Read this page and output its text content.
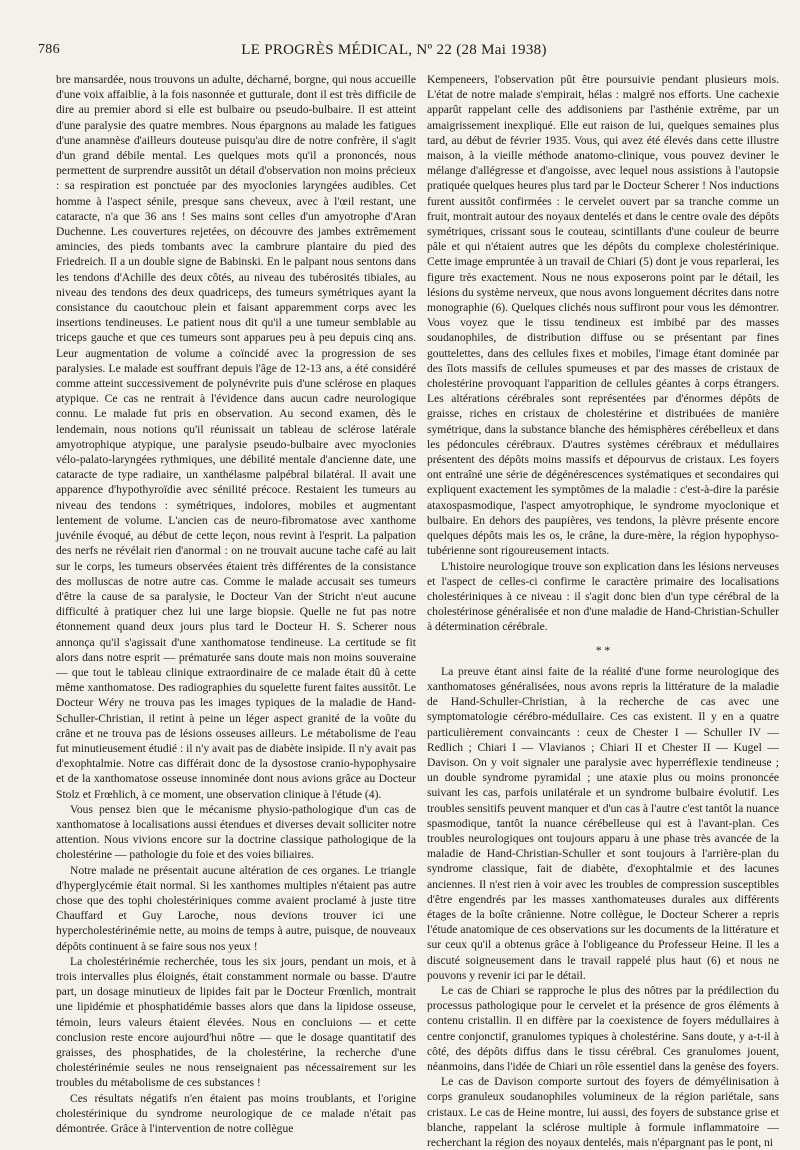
786	LE PROGRÈS MÉDICAL, Nº 22 (28 Mai 1938)

bre mansardée, nous trouvons un adulte, décharné, borgne, qui nous accueille d'une voix affaiblie, à la fois nasonnée et gutturale, dont il est très difficile de dire au premier abord si elle est bulbaire ou pseudo-bulbaire. Il est atteint d'une paralysie des quatre membres. Nous épargnons au malade les fatigues d'une anamnèse d'ailleurs douteuse puisqu'au dire de notre confrère, il s'agit d'un grand débile mental. Les quelques mots qu'il a prononcés, nous permettent de surprendre aussitôt un détail d'observation non moins précieux : sa respiration est ponctuée par des myoclonies laryngées audibles. Cet homme à l'aspect sénile, presque sans cheveux, avec à l'œil restant, une cataracte, n'a que 36 ans ! Ses mains sont celles d'un amyotrophe d'Aran Duchenne. Les couvertures rejetées, on découvre des jambes extrêmement amincies, des pieds tombants avec la cambrure plantaire du pied des Friedreich. Il a un double signe de Babinski. En le palpant nous sentons dans les tendons d'Achille des deux côtés, au niveau des tubérosités tibiales, au niveau des tendons des deux quadriceps, des tumeurs symétriques ayant la consistance du caoutchouc plein et faisant apparemment corps avec les insertions tendineuses. Le patient nous dit qu'il a une tumeur semblable au triceps gauche et que ces tumeurs sont apparues peu à peu depuis cinq ans. Leur augmentation de volume a coïncidé avec la progression de ses paralysies. Le malade est souffrant depuis l'âge de 12-13 ans, a été considéré comme atteint successivement de polynévrite puis d'une sclérose en plaques atypique. Ce cas ne rentrait à l'évidence dans aucun cadre neurologique connu. Le malade fut pris en observation. Au second examen, dès le lendemain, nous notions qu'il réunissait un tableau de sclérose latérale amyotrophique atypique, une paralysie pseudo-bulbaire avec myoclonies vélo-palato-laryngées rythmiques, une débilité mentale d'ancienne date, une cataracte de type radiaire, un xanthélasme palpébral bilatéral. Il avait une apparence d'hypothyroïdie avec sénilité précoce. Restaient les tumeurs au niveau des tendons : symétriques, indolores, mobiles et augmentant lentement de volume. L'ancien cas de neuro-fibromatose avec xanthome juvénile évoqué, au début de cette leçon, nous revint à l'esprit. La palpation des nerfs ne révélait rien d'anormal : on ne trouvait aucune tache café au lait sur le corps, les tumeurs observées étaient très différentes de la consistance des molluscas de notre autre cas. Comme le malade accusait ses tumeurs d'être la cause de sa paralysie, le Docteur Van der Stricht n'eut aucune difficulté à pratiquer chez lui une large biopsie. Quelle ne fut pas notre étonnement quand deux jours plus tard le Docteur H. S. Scherer nous annonça qu'il s'agissait d'une xanthomatose tendineuse. La certitude se fit alors dans notre esprit — prématurée sans doute mais non moins souveraine — que tout le tableau clinique extraordinaire de ce malade était dû à cette même xanthomatose. Des radiographies du squelette furent faites aussitôt. Le Docteur Wéry ne trouva pas les images typiques de la maladie de Hand-Schuller-Christian, il retint à peine un léger aspect granité de la voûte du crâne et ne trouva pas de lésions osseuses ailleurs. Le métabolisme de l'eau fut minutieusement étudié : il n'y avait pas de diabète insipide. Il n'y avait pas d'exophtalmie. Notre cas différait donc de la dysostose cranio-hypophysaire et de la xanthomatose osseuse innominée dont nous avions grâce au Docteur Stolz et Frœhlich, à ce moment, une observation clinique à l'étude (4).

Vous pensez bien que le mécanisme physio-pathologique d'un cas de xanthomatose à localisations aussi étendues et diverses devait solliciter notre attention. Nous vivions encore sur la doctrine classique pathologique de la cholestérine — pathologie du foie et des voies biliaires.

Notre malade ne présentait aucune altération de ces organes. Le triangle d'hyperglycémie était normal. Si les xanthomes multiples n'étaient pas autre chose que des tophi cholestériniques comme avaient proclamé à juste titre Chauffard et Guy Laroche, nous devions trouver ici une hypercholestérinémie nette, au moins de temps à autre, puisque, de nouveaux dépôts continuent à se faire sous nos yeux !

La cholestérinémie recherchée, tous les six jours, pendant un mois, et à trois intervalles plus éloignés, était constamment normale ou basse. D'autre part, un dosage minutieux de lipides fait par le Docteur Frœnlich, montrait une lipidémie et phosphatidémie basses alors que dans la lipidose osseuse, témoin, leurs valeurs étaient élevées. Nous en concluions — et cette conclusion reste encore aujourd'hui nôtre — que le dosage quantitatif des graisses, des phosphatides, de la cholestérine, la recherche d'une cholestérinémie seules ne nous renseignaient pas nécessairement sur les troubles du métabolisme de ces substances !

Ces résultats négatifs n'en étaient pas moins troublants, et l'origine cholestérinique du syndrome neurologique de ce malade n'était pas démontrée. Grâce à l'intervention de notre collègue

Kempeneers, l'observation pût être poursuivie pendant plusieurs mois. L'état de notre malade s'empirait, hélas : malgré nos efforts. Une cachexie apparût rappelant celle des addisoniens par l'asthénie extrême, par un amaigrissement inexpliqué. Elle eut raison de lui, quelques semaines plus tard, au début de février 1935. Vous, qui avez été élevés dans cette illustre maison, à la vieille méthode anatomo-clinique, vous pouvez deviner le mélange d'allégresse et d'angoisse, avec lequel nous assistions à l'autopsie pratiquée quelques heures plus tard par le Docteur Scherer ! Nos inductions furent aussitôt confirmées : le cervelet ouvert par sa tranche comme un fruit, montrait autour des noyaux dentelés et dans le centre ovale des dépôts symétriques, crissant sous le couteau, scintillants d'une couleur de beurre pâle et qui n'étaient autres que les dépôts du complexe cholestérinique. Cette image empruntée à un travail de Chiari (5) dont je vous reparlerai, les figure très exactement. Nous ne nous exposerons point par le détail, les lésions du système nerveux, que nous avons longuement décrites dans notre monographie (6). Quelques clichés nous suffiront pour vous les démontrer. Vous voyez que le tissu tendineux est imbibé par des masses soudanophiles, de distribution diffuse ou se présentant par fines gouttelettes, dans des cellules fixes et mobiles, l'image étant dominée par des îlots massifs de cellules spumeuses et par des masses de cristaux de cholestérine provoquant l'apparition de cellules géantes à corps étrangers. Les altérations cérébrales sont représentées par d'énormes dépôts de graisse, riches en cristaux de cholestérine et distribuées de manière symétrique, dans la substance blanche des hémisphères cérébelleux et dans les pédoncules cérébraux. D'autres systèmes cérébraux et médullaires présentent des dépôts moins massifs et dépourvus de cristaux. Les foyers ont entraîné une série de dégénérescences systématiques et secondaires qui expliquent exactement les symptômes de la maladie : c'est-à-dire la parésie ataxospasmodique, l'aspect amyotrophique, le syndrome myoclonique et bulbaire. En dehors des paupières, ves tendons, la plèvre présente encore quelques dépôts mais les os, le crâne, la dure-mère, la région hypophyso-tubérienne sont rigoureusement intacts.

L'histoire neurologique trouve son explication dans les lésions nerveuses et l'aspect de celles-ci confirme le caractère primaire des localisations cholestériniques à ce niveau : il s'agit donc bien d'un type cérébral de la cholestérinose généralisée et non d'une maladie de Hand-Christian-Schuller à détermination cérébrale.

* *

La preuve étant ainsi faite de la réalité d'une forme neurologique des xanthomatoses généralisées, nous avons repris la littérature de la maladie de Hand-Schuller-Christian, à la recherche de cas avec une symptomatologie cérébro-médullaire. Ces cas existent. Il y en a quatre particulièrement convaincants : ceux de Chester I — Schuller IV — Redlich ; Chiari I — Vlavianos ; Chiari II et Chester II — Kugel — Davison. On y voit signaler une paralysie avec hyperréflexie tendineuse ; un double syndrome pyramidal ; une ataxie plus ou moins prononcée suivant les cas, parfois unilatérale et un syndrome bulbaire évolutif. Les troubles sensitifs peuvent manquer et d'un cas à l'autre c'est tantôt la nuance spasmodique, tantôt la nuance cérébelleuse qui est à l'avant-plan. Ces troubles neurologiques ont toujours apparu à une phase très avancée de la maladie de Hand-Christian-Schuller et sont toujours à l'arrière-plan du syndrome classique, fait de diabète, d'exophtalmie et des lacunes anciennes. Il n'est rien à voir avec les troubles de compression susceptibles d'être engendrés par les masses xanthomateuses durales aux différents étages de la boîte crânienne. Notre collègue, le Docteur Scherer a repris l'étude anatomique de ces observations sur les documents de la littérature et sur ceux qu'il a obtenus grâce à l'obligeance du Professeur Heine. Il les a discuté soigneusement dans le travail rappelé plus haut (6) et nous ne pouvons y revenir ici par le détail.

Le cas de Chiari se rapproche le plus des nôtres par la prédilection du processus pathologique pour le cervelet et la présence de gros éléments à contenu cristallin. Il en diffère par la coexistence de foyers médullaires à centre conjonctif, granulomes typiques à cholestérine. Sans doute, y a-t-il à côté, des dépôts diffus dans le tissu cérébral. Ces granulomes jouent, néanmoins, dans l'idée de Chiari un rôle essentiel dans la genèse des foyers.

Le cas de Davison comporte surtout des foyers de démyélinisation à corps granuleux soudanophiles volumineux de la région pariétale, sans cristaux. Le cas de Heine montre, lui aussi, des foyers de substance grise et blanche, rappelant la sclérose multiple à formule inflammatoire — recherchant la région des noyaux dentelés, mais n'épargnant pas le pont, ni
